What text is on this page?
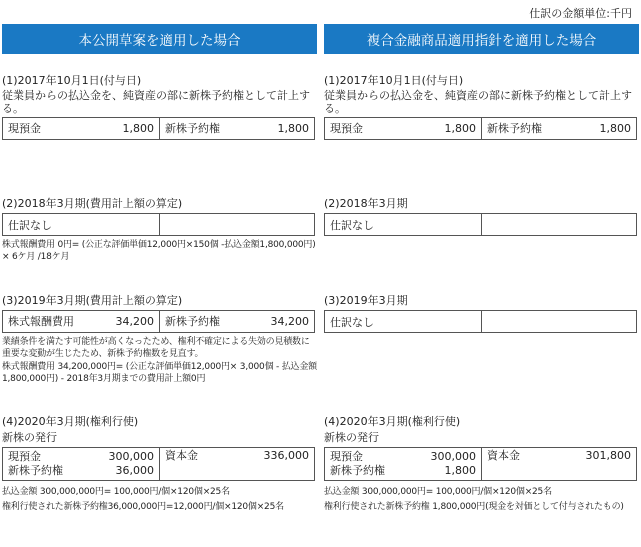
仕訳の金額単位:千円
本公開草案を適用した場合
(1)2017年10月1日(付与日)
従業員からの払込金を、純資産の部に新株予約権として計上する。
現預金	1,800	新株予約権	1,800
(2)2018年3月期(費用計上額の算定)
仕訳なし	
株式報酬費用 0円= (公正な評価単価12,000円×150個 -払込金額1,800,000円) × 6ケ月 /18ケ月
(3)2019年3月期(費用計上額の算定)
株式報酬費用	34,200	新株予約権	34,200
業績条件を満たす可能性が高くなったため、権利不確定による失効の見積数に重要な変動が生じたため、新株予約権数を見直す。
株式報酬費用 34,200,000円= (公正な評価単価12,000円× 3,000個 - 払込金額1,800,000円) - 2018年3月期までの費用計上額0円
(4)2020年3月期(権利行使)
新株の発行
現預金	300,000
新株予約権	36,000

資本金	336,000
払込金額 300,000,000円= 100,000円/個×120個×25名
権利行使された新株予約権36,000,000円=12,000円/個×120個×25名
複合金融商品適用指針を適用した場合
(1)2017年10月1日(付与日)
従業員からの払込金を、純資産の部に新株予約権として計上する。
現預金	1,800	新株予約権	1,800
(2)2018年3月期
仕訳なし	
(3)2019年3月期
仕訳なし	
(4)2020年3月期(権利行使)
新株の発行
現預金	300,000
新株予約権	1,800

資本金	301,800
払込金額 300,000,000円= 100,000円/個×120個×25名
権利行使された新株予約権 1,800,000円(現金を対価として付与されたもの)
